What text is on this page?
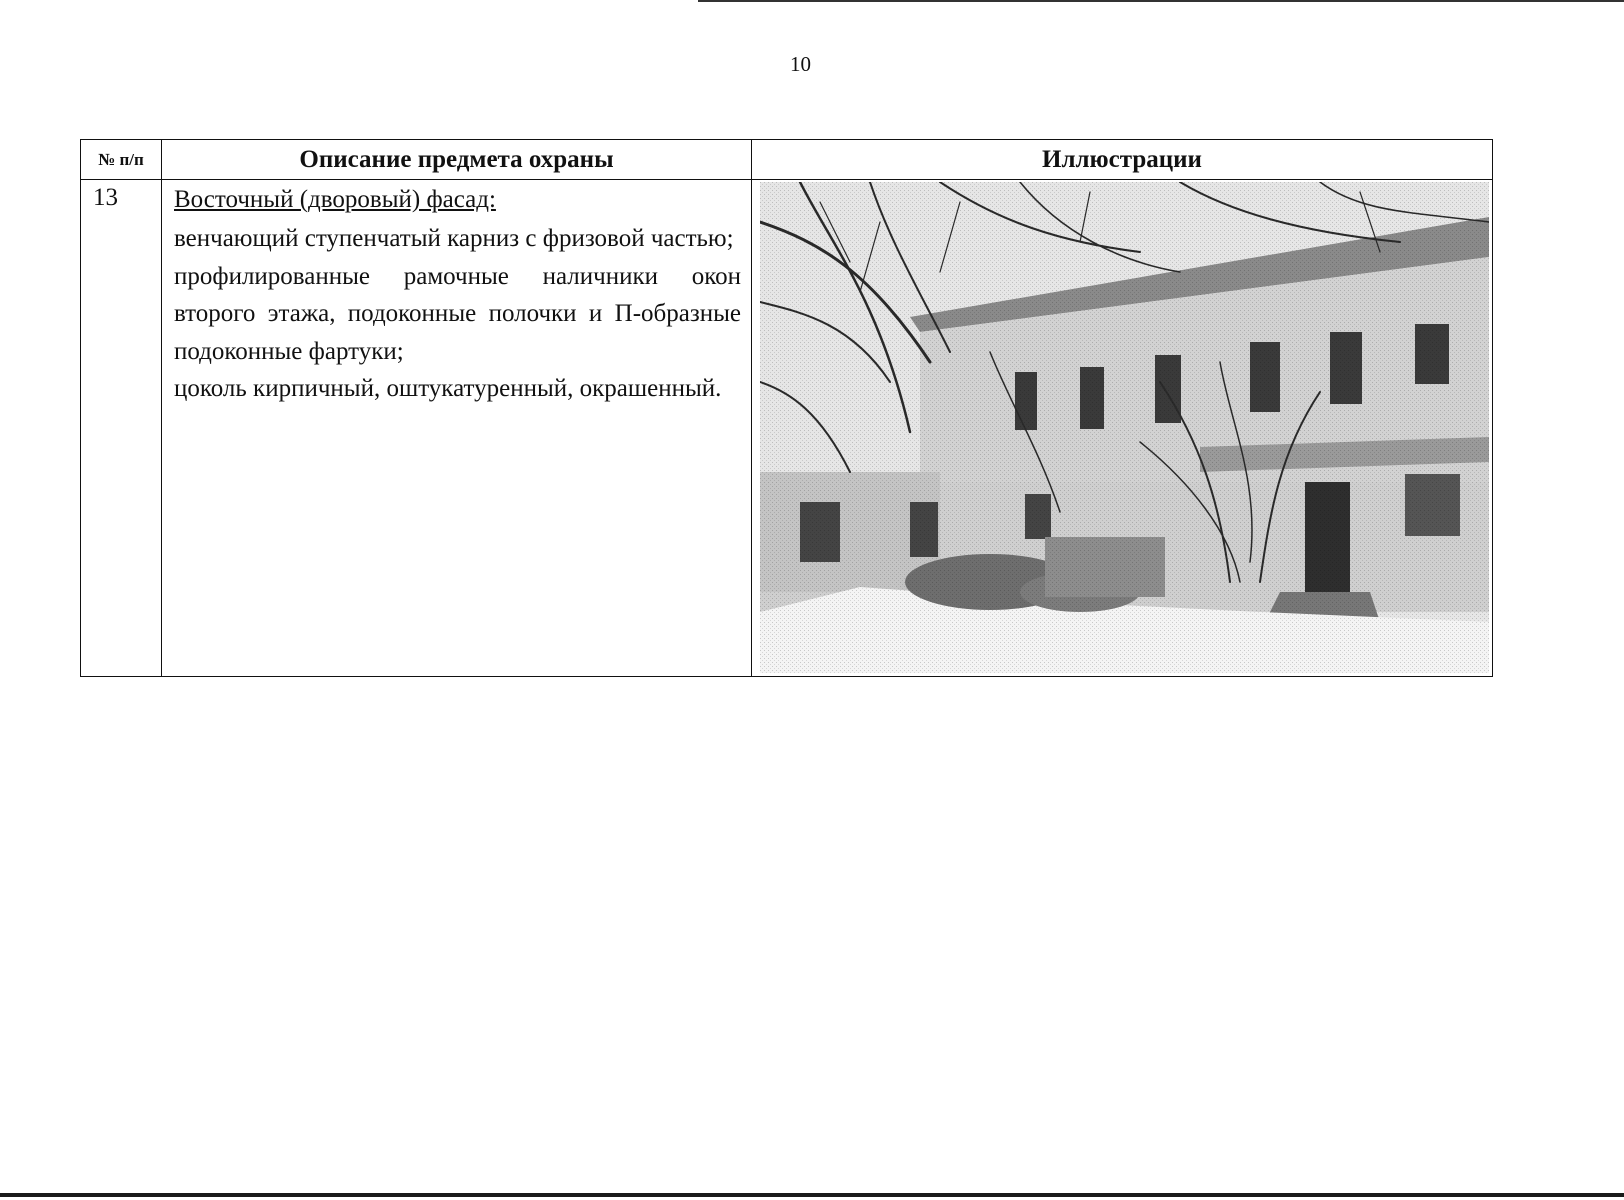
10
№ п/п	Описание предмета охраны	Иллюстрации
13	Восточный (дворовый) фасад:
венчающий ступенчатый карниз с фризовой частью;
профилированные рамочные наличники окон второго этажа, подоконные полочки и П-образные подоконные фартуки;
цоколь кирпичный, оштукатуренный, окрашенный.
